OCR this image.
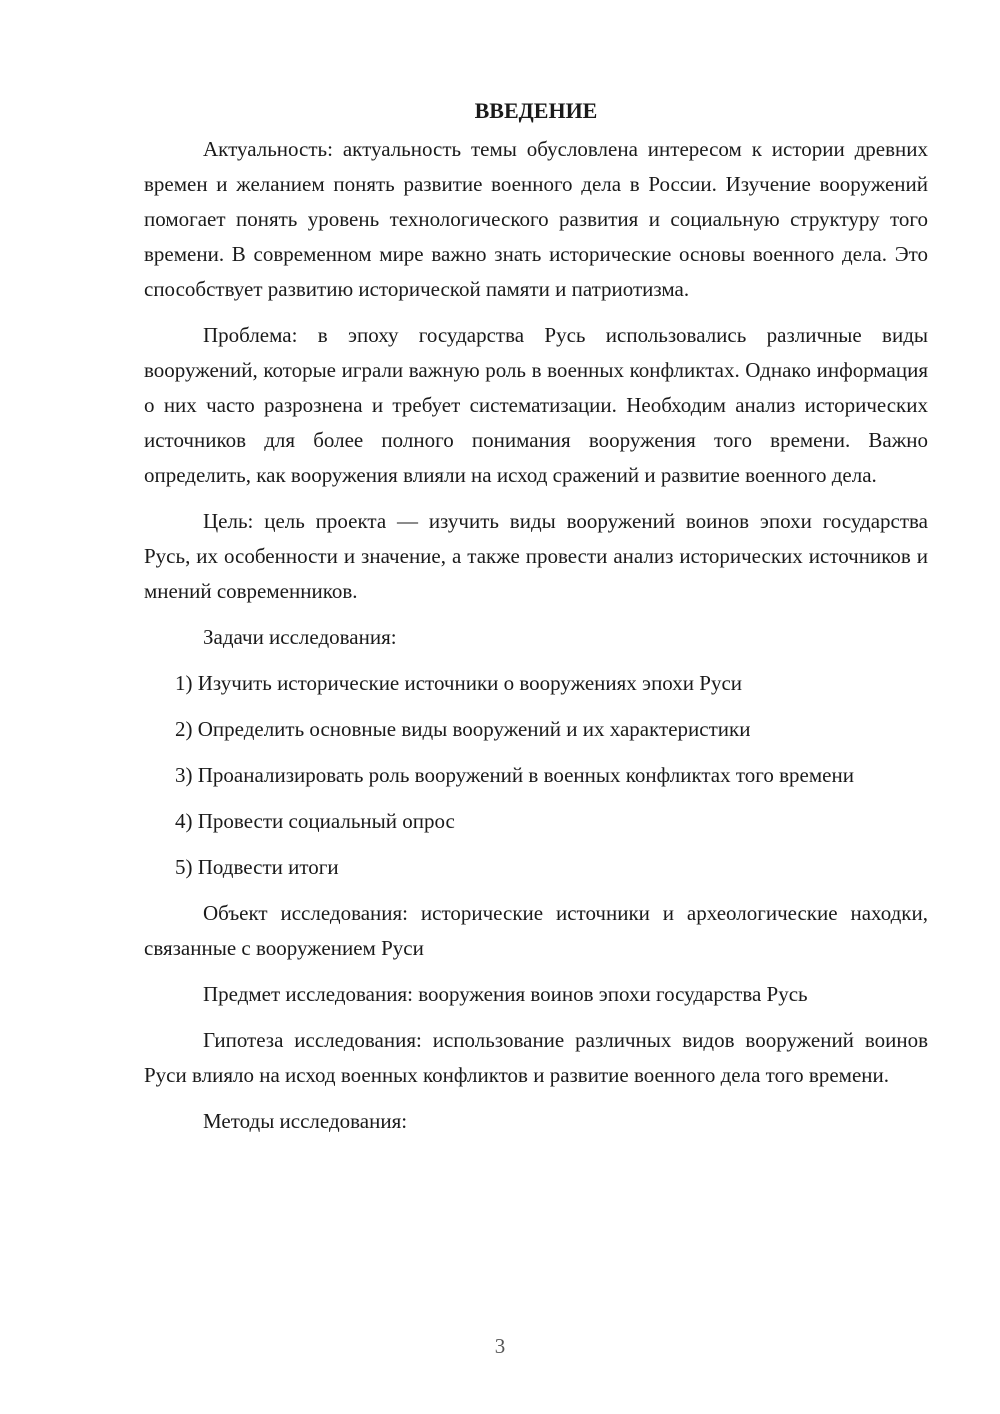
ВВЕДЕНИЕ

Актуальность: актуальность темы обусловлена интересом к истории древних времен и желанием понять развитие военного дела в России. Изучение вооружений помогает понять уровень технологического развития и социальную структуру того времени. В современном мире важно знать исторические основы военного дела. Это способствует развитию исторической памяти и патриотизма.

Проблема: в эпоху государства Русь использовались различные виды вооружений, которые играли важную роль в военных конфликтах. Однако информация о них часто разрознена и требует систематизации. Необходим анализ исторических источников для более полного понимания вооружения того времени. Важно определить, как вооружения влияли на исход сражений и развитие военного дела.

Цель: цель проекта — изучить виды вооружений воинов эпохи государства Русь, их особенности и значение, а также провести анализ исторических источников и мнений современников.

Задачи исследования:

1) Изучить исторические источники о вооружениях эпохи Руси

2) Определить основные виды вооружений и их характеристики

3) Проанализировать роль вооружений в военных конфликтах того времени

4) Провести социальный опрос

5) Подвести итоги

Объект исследования: исторические источники и археологические находки, связанные с вооружением Руси

Предмет исследования: вооружения воинов эпохи государства Русь

Гипотеза исследования: использование различных видов вооружений воинов Руси влияло на исход военных конфликтов и развитие военного дела того времени.

Методы исследования:

3
